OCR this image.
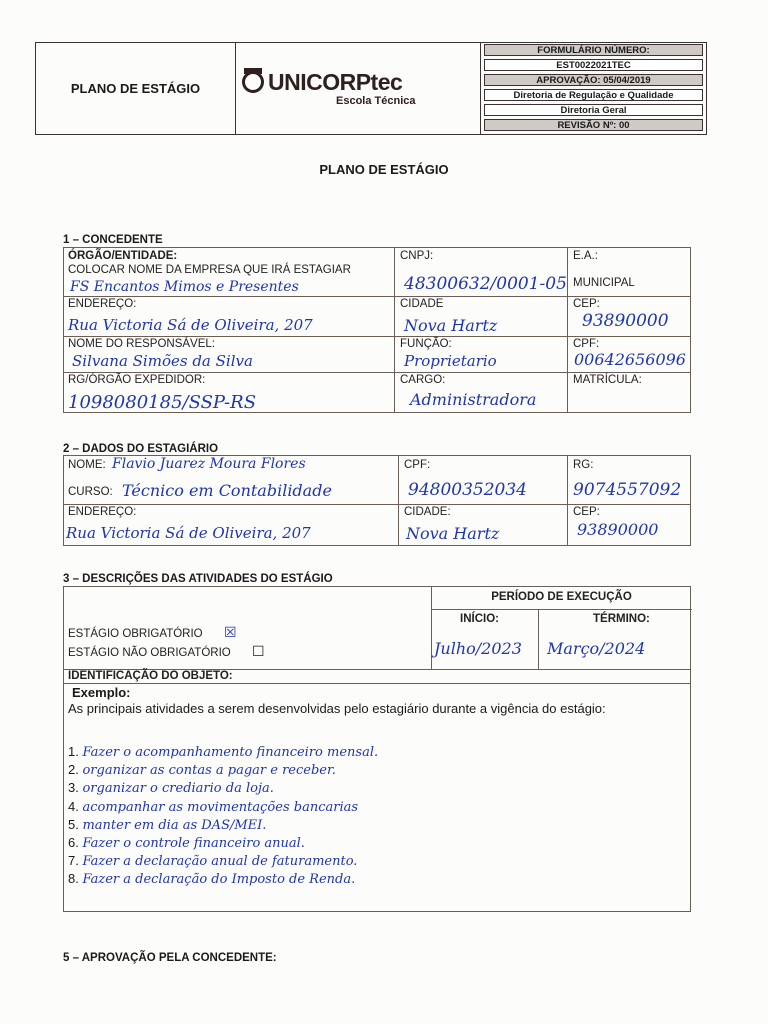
PLANO DE ESTÁGIO	UNICORPtec
Escola Técnica
FORMULÁRIO NÚMERO:
EST0022021TEC
APROVAÇÃO: 05/04/2019
Diretoria de Regulação e Qualidade
Diretoria Geral
REVISÃO Nº: 00
PLANO DE ESTÁGIO
1 – CONCEDENTE
ÓRGÃO/ENTIDADE:
COLOCAR NOME DA EMPRESA QUE IRÁ ESTAGIAR
FS Encantos Mimos e Presentes
CNPJ:
48300632/0001-05
E.A.:
MUNICIPAL
ENDEREÇO:
Rua Victoria Sá de Oliveira, 207
CIDADE
Nova Hartz
CEP:
93890000
NOME DO RESPONSÁVEL:
Silvana Simões da Silva
FUNÇÃO:
Proprietario
CPF:
00642656096
RG/ÓRGÃO EXPEDIDOR:
1098080185/SSP-RS
CARGO:
Administradora
MATRÍCULA:
2 – DADOS DO ESTAGIÁRIO
NOME: Flavio Juarez Moura Flores
CURSO: Técnico em Contabilidade
CPF:
94800352034
RG:
9074557092
ENDEREÇO:
Rua Victoria Sá de Oliveira, 207
CIDADE:
Nova Hartz
CEP:
93890000
3 – DESCRIÇÕES DAS ATIVIDADES DO ESTÁGIO
PERÍODO DE EXECUÇÃO
INÍCIO:	TÉRMINO:
Julho/2023 Março/2024
ESTÁGIO OBRIGATÓRIO ☒
ESTÁGIO NÃO OBRIGATÓRIO ☐
IDENTIFICAÇÃO DO OBJETO:
Exemplo:
As principais atividades a serem desenvolvidas pelo estagiário durante a vigência do estágio:
1. Fazer o acompanhamento financeiro mensal.
2. organizar as contas a pagar e receber.
3. organizar o crediario da loja.
4. acompanhar as movimentações bancarias
5. manter em dia as DAS/MEI.
6. Fazer o controle financeiro anual.
7. Fazer a declaração anual de faturamento.
8. Fazer a declaração do Imposto de Renda.
5 – APROVAÇÃO PELA CONCEDENTE:
